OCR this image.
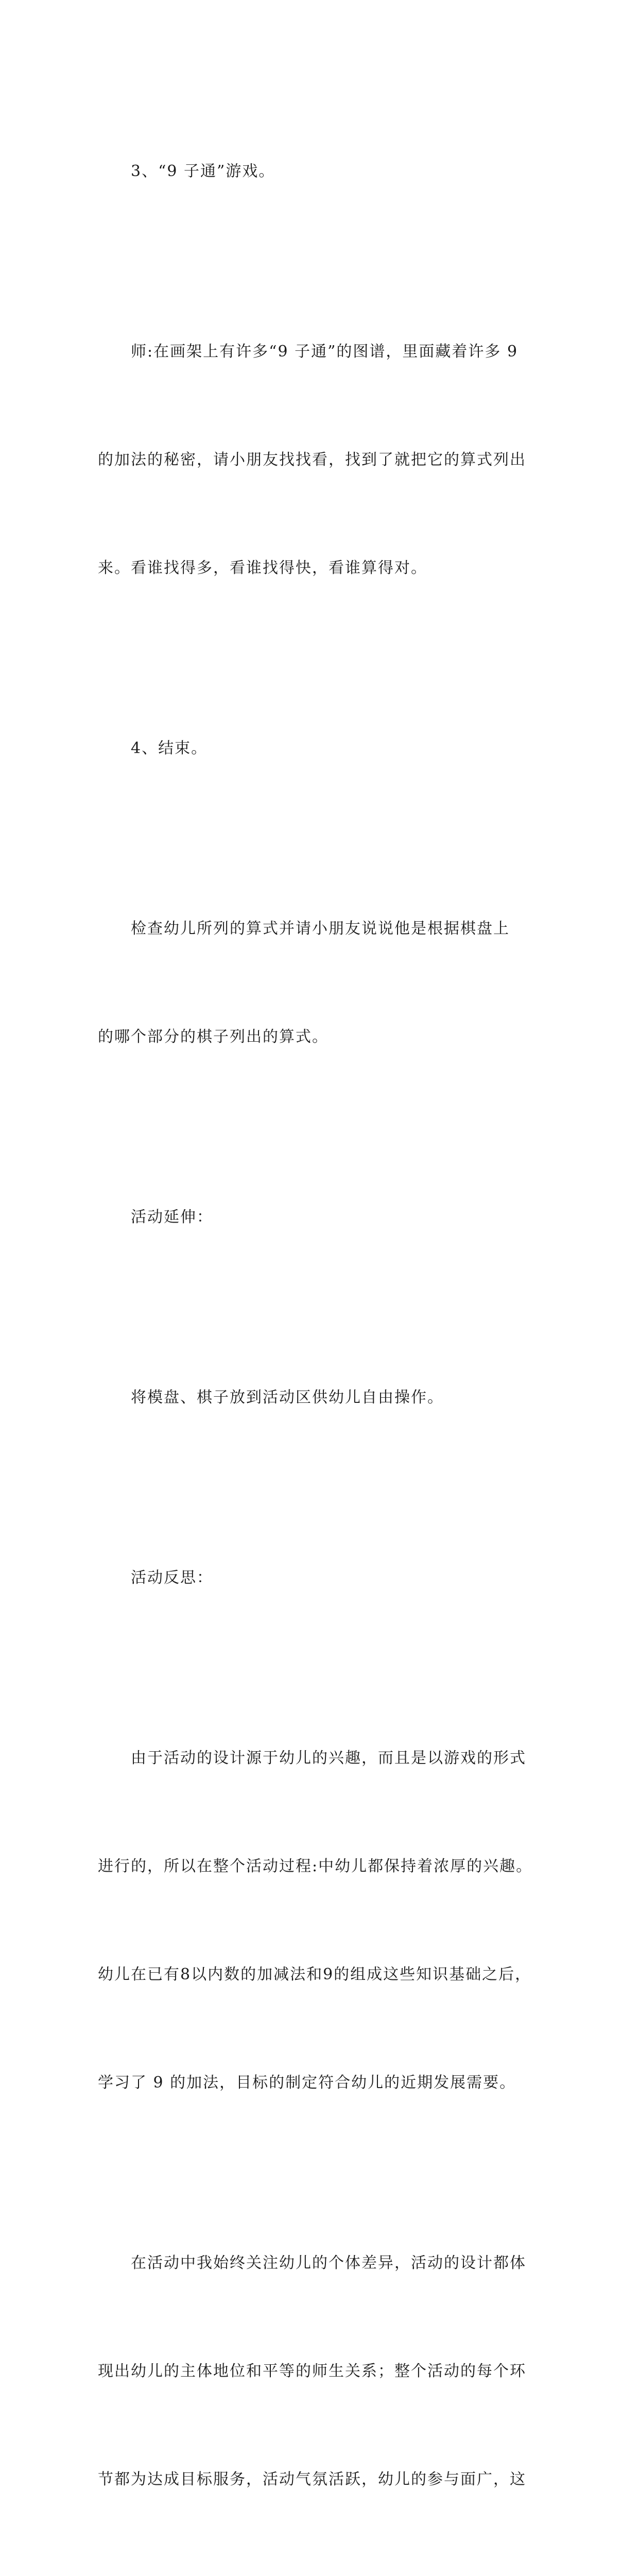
3、“9 子通”游戏。

师:在画架上有许多“9 子通”的图谱，里面藏着许多 9

的加法的秘密，请小朋友找找看，找到了就把它的算式列出

来。看谁找得多，看谁找得快，看谁算得对。

4、结束。

检查幼儿所列的算式并请小朋友说说他是根据棋盘上

的哪个部分的棋子列出的算式。

活动延伸：

将模盘、棋子放到活动区供幼儿自由操作。

活动反思：

由于活动的设计源于幼儿的兴趣，而且是以游戏的形式

进行的，所以在整个活动过程:中幼儿都保持着浓厚的兴趣。

幼儿在已有8以内数的加减法和9的组成这些知识基础之后，

学习了 9 的加法，目标的制定符合幼儿的近期发展需要。

在活动中我始终关注幼儿的个体差异，活动的设计都体

现出幼儿的主体地位和平等的师生关系；整个活动的每个环

节都为达成目标服务，活动气氛活跃，幼儿的参与面广，这
